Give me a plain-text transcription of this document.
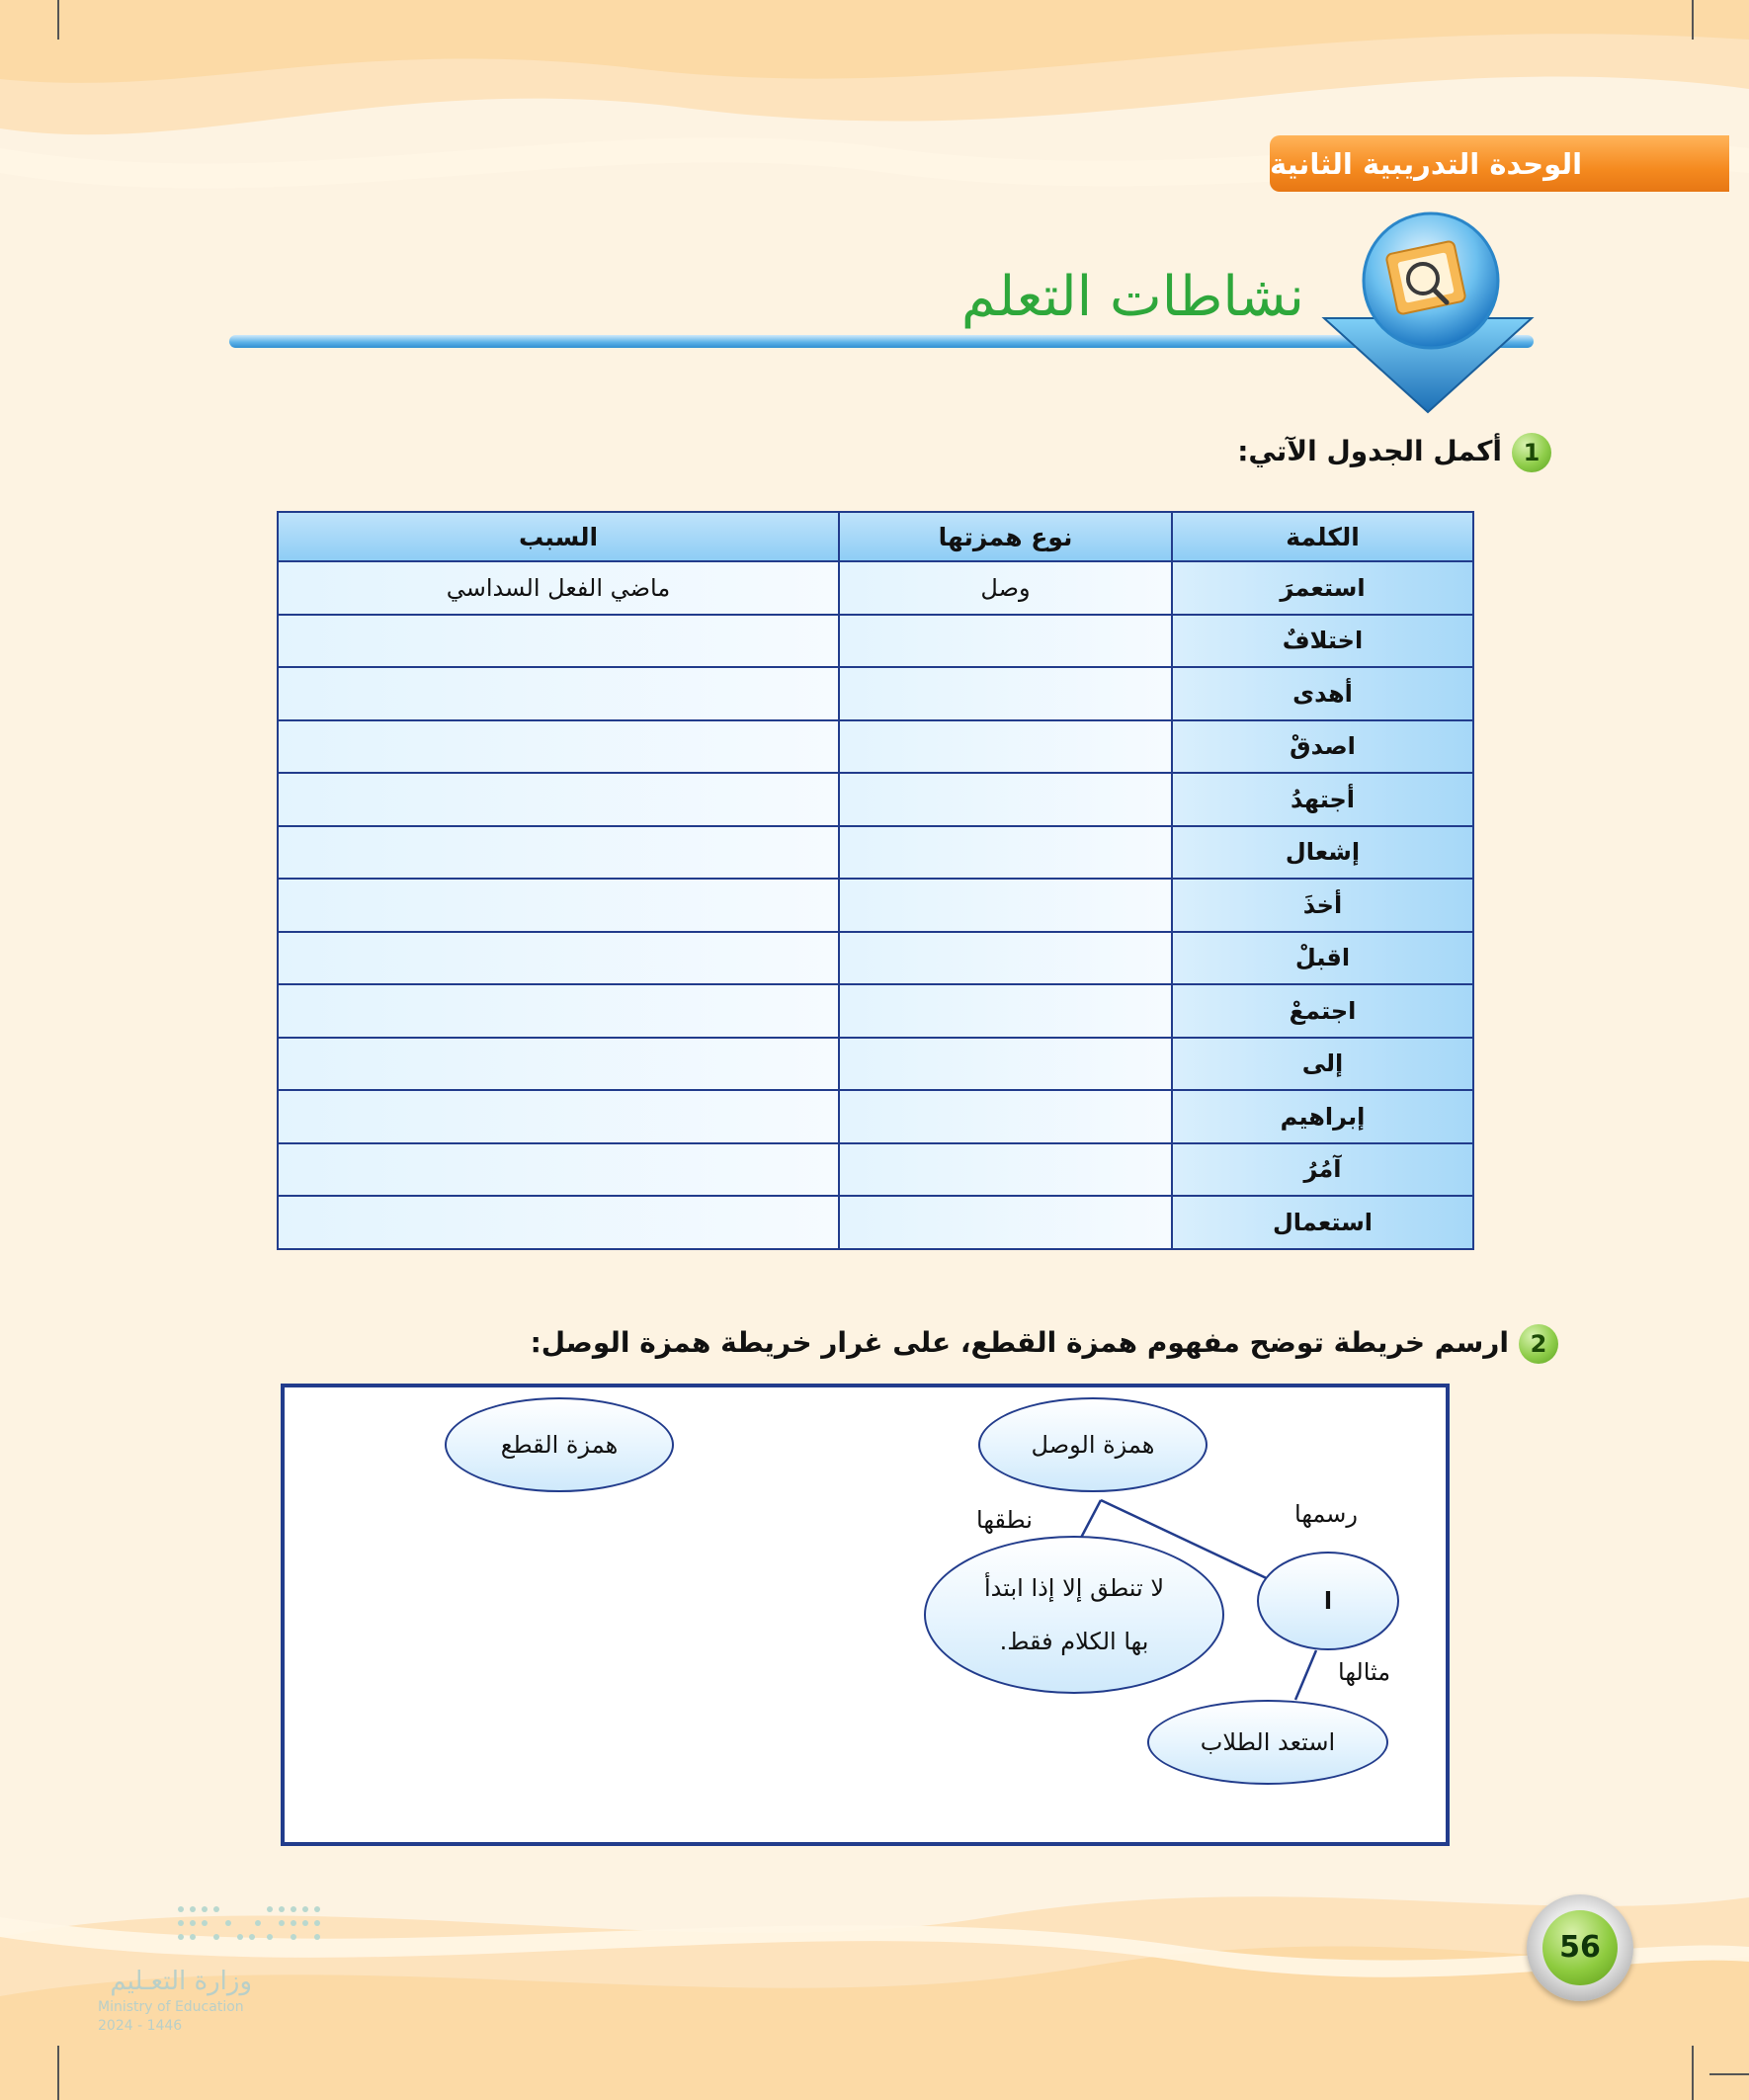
الوحدة التدريبية الثانية
نشاطات التعلم
1
أكمل الجدول الآتي:
الكلمة	نوع همزتها	السبب
استعمرَ	وصل	ماضي الفعل السداسي
اختلافٌ		
أهدى		
اصدقْ		
أجتهدُ		
إشعال		
أخذَ		
اقبلْ		
اجتمعْ		
إلى		
إبراهيم		
آمُرُ		
استعمال		
2
ارسم خريطة توضح مفهوم همزة القطع، على غرار خريطة همزة الوصل:
همزة الوصل
همزة القطع
نطقها	رسمها
مثالها
لا تنطق إلا إذا ابتدأ
بها الكلام فقط.
ا
استعد الطلاب
56
وزارة التعـليم
Ministry of Education
2024 - 1446
